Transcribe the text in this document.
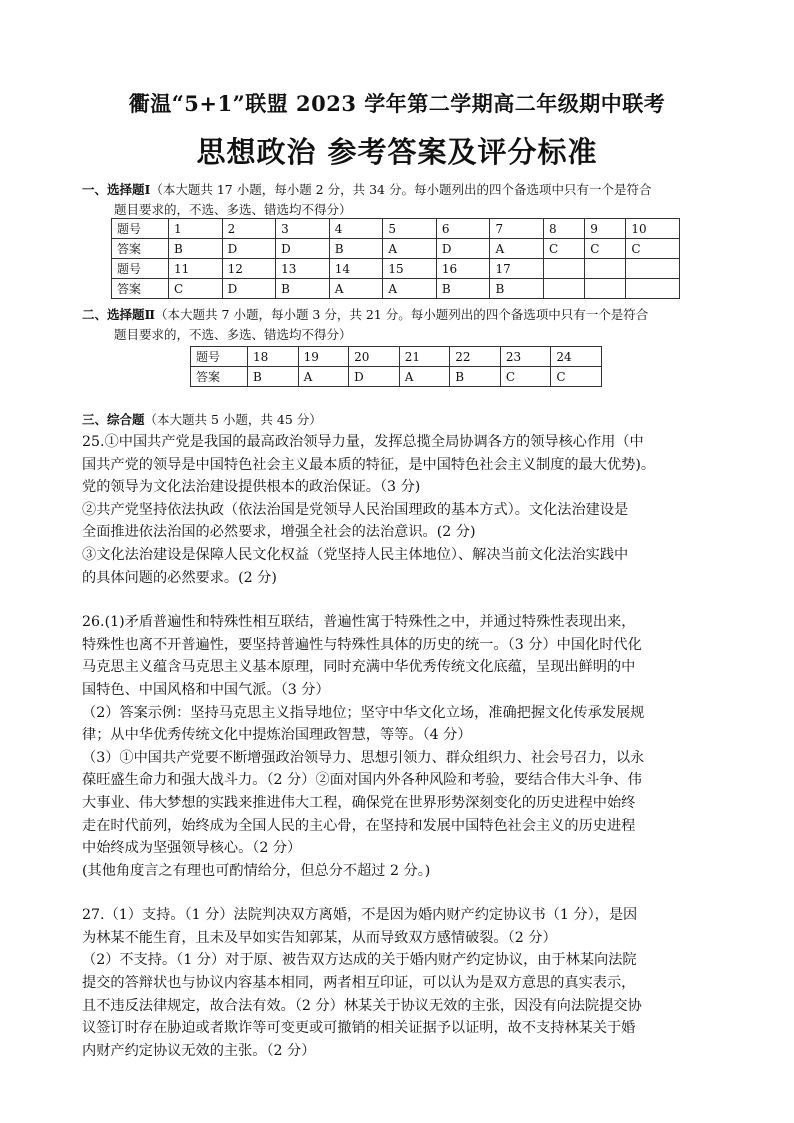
衢温“5+1”联盟 2023 学年第二学期高二年级期中联考
思想政治 参考答案及评分标准
一、选择题Ⅰ（本大题共 17 小题，每小题 2 分，共 34 分。每小题列出的四个备选项中只有一个是符合
题目要求的，不选、多选、错选均不得分）
题号	1	2	3	4	5	6	7	8	9	10
答案	B	D	D	B	A	D	A	C	C	C
题号	11	12	13	14	15	16	17			
答案	C	D	B	A	A	B	B			
二、选择题Ⅱ（本大题共 7 小题，每小题 3 分，共 21 分。每小题列出的四个备选项中只有一个是符合
题目要求的，不选、多选、错选均不得分）
题号	18	19	20	21	22	23	24
答案	B	A	D	A	B	C	C
三、综合题（本大题共 5 小题，共 45 分）

25.①中国共产党是我国的最高政治领导力量，发挥总揽全局协调各方的领导核心作用（中

国共产党的领导是中国特色社会主义最本质的特征，是中国特色社会主义制度的最大优势)。

党的领导为文化法治建设提供根本的政治保证。（3 分)

②共产党坚持依法执政（依法治国是党领导人民治国理政的基本方式）。文化法治建设是

全面推进依法治国的必然要求，增强全社会的法治意识。(2 分)

③文化法治建设是保障人民文化权益（党坚持人民主体地位）、解决当前文化法治实践中

的具体问题的必然要求。(2 分)

26.(1)矛盾普遍性和特殊性相互联结，普遍性寓于特殊性之中，并通过特殊性表现出来，

特殊性也离不开普遍性，要坚持普遍性与特殊性具体的历史的统一。（3 分）中国化时代化

马克思主义蕴含马克思主义基本原理，同时充满中华优秀传统文化底蕴，呈现出鲜明的中

国特色、中国风格和中国气派。（3 分）

（2）答案示例：坚持马克思主义指导地位；坚守中华文化立场，准确把握文化传承发展规

律；从中华优秀传统文化中提炼治国理政智慧，等等。（4 分）

（3）①中国共产党要不断增强政治领导力、思想引领力、群众组织力、社会号召力，以永

葆旺盛生命力和强大战斗力。（2 分）②面对国内外各种风险和考验，要结合伟大斗争、伟

大事业、伟大梦想的实践来推进伟大工程，确保党在世界形势深刻变化的历史进程中始终

走在时代前列，始终成为全国人民的主心骨，在坚持和发展中国特色社会主义的历史进程

中始终成为坚强领导核心。（2 分）

(其他角度言之有理也可酌情给分，但总分不超过 2 分。)

27.（1）支持。（1 分）法院判决双方离婚，不是因为婚内财产约定协议书（1 分），是因

为林某不能生育，且未及早如实告知郭某，从而导致双方感情破裂。（2 分）

（2）不支持。（1 分）对于原、被告双方达成的关于婚内财产约定协议，由于林某向法院

提交的答辩状也与协议内容基本相同，两者相互印证，可以认为是双方意思的真实表示，

且不违反法律规定，故合法有效。（2 分）林某关于协议无效的主张，因没有向法院提交协

议签订时存在胁迫或者欺诈等可变更或可撤销的相关证据予以证明，故不支持林某关于婚

内财产约定协议无效的主张。（2 分）
